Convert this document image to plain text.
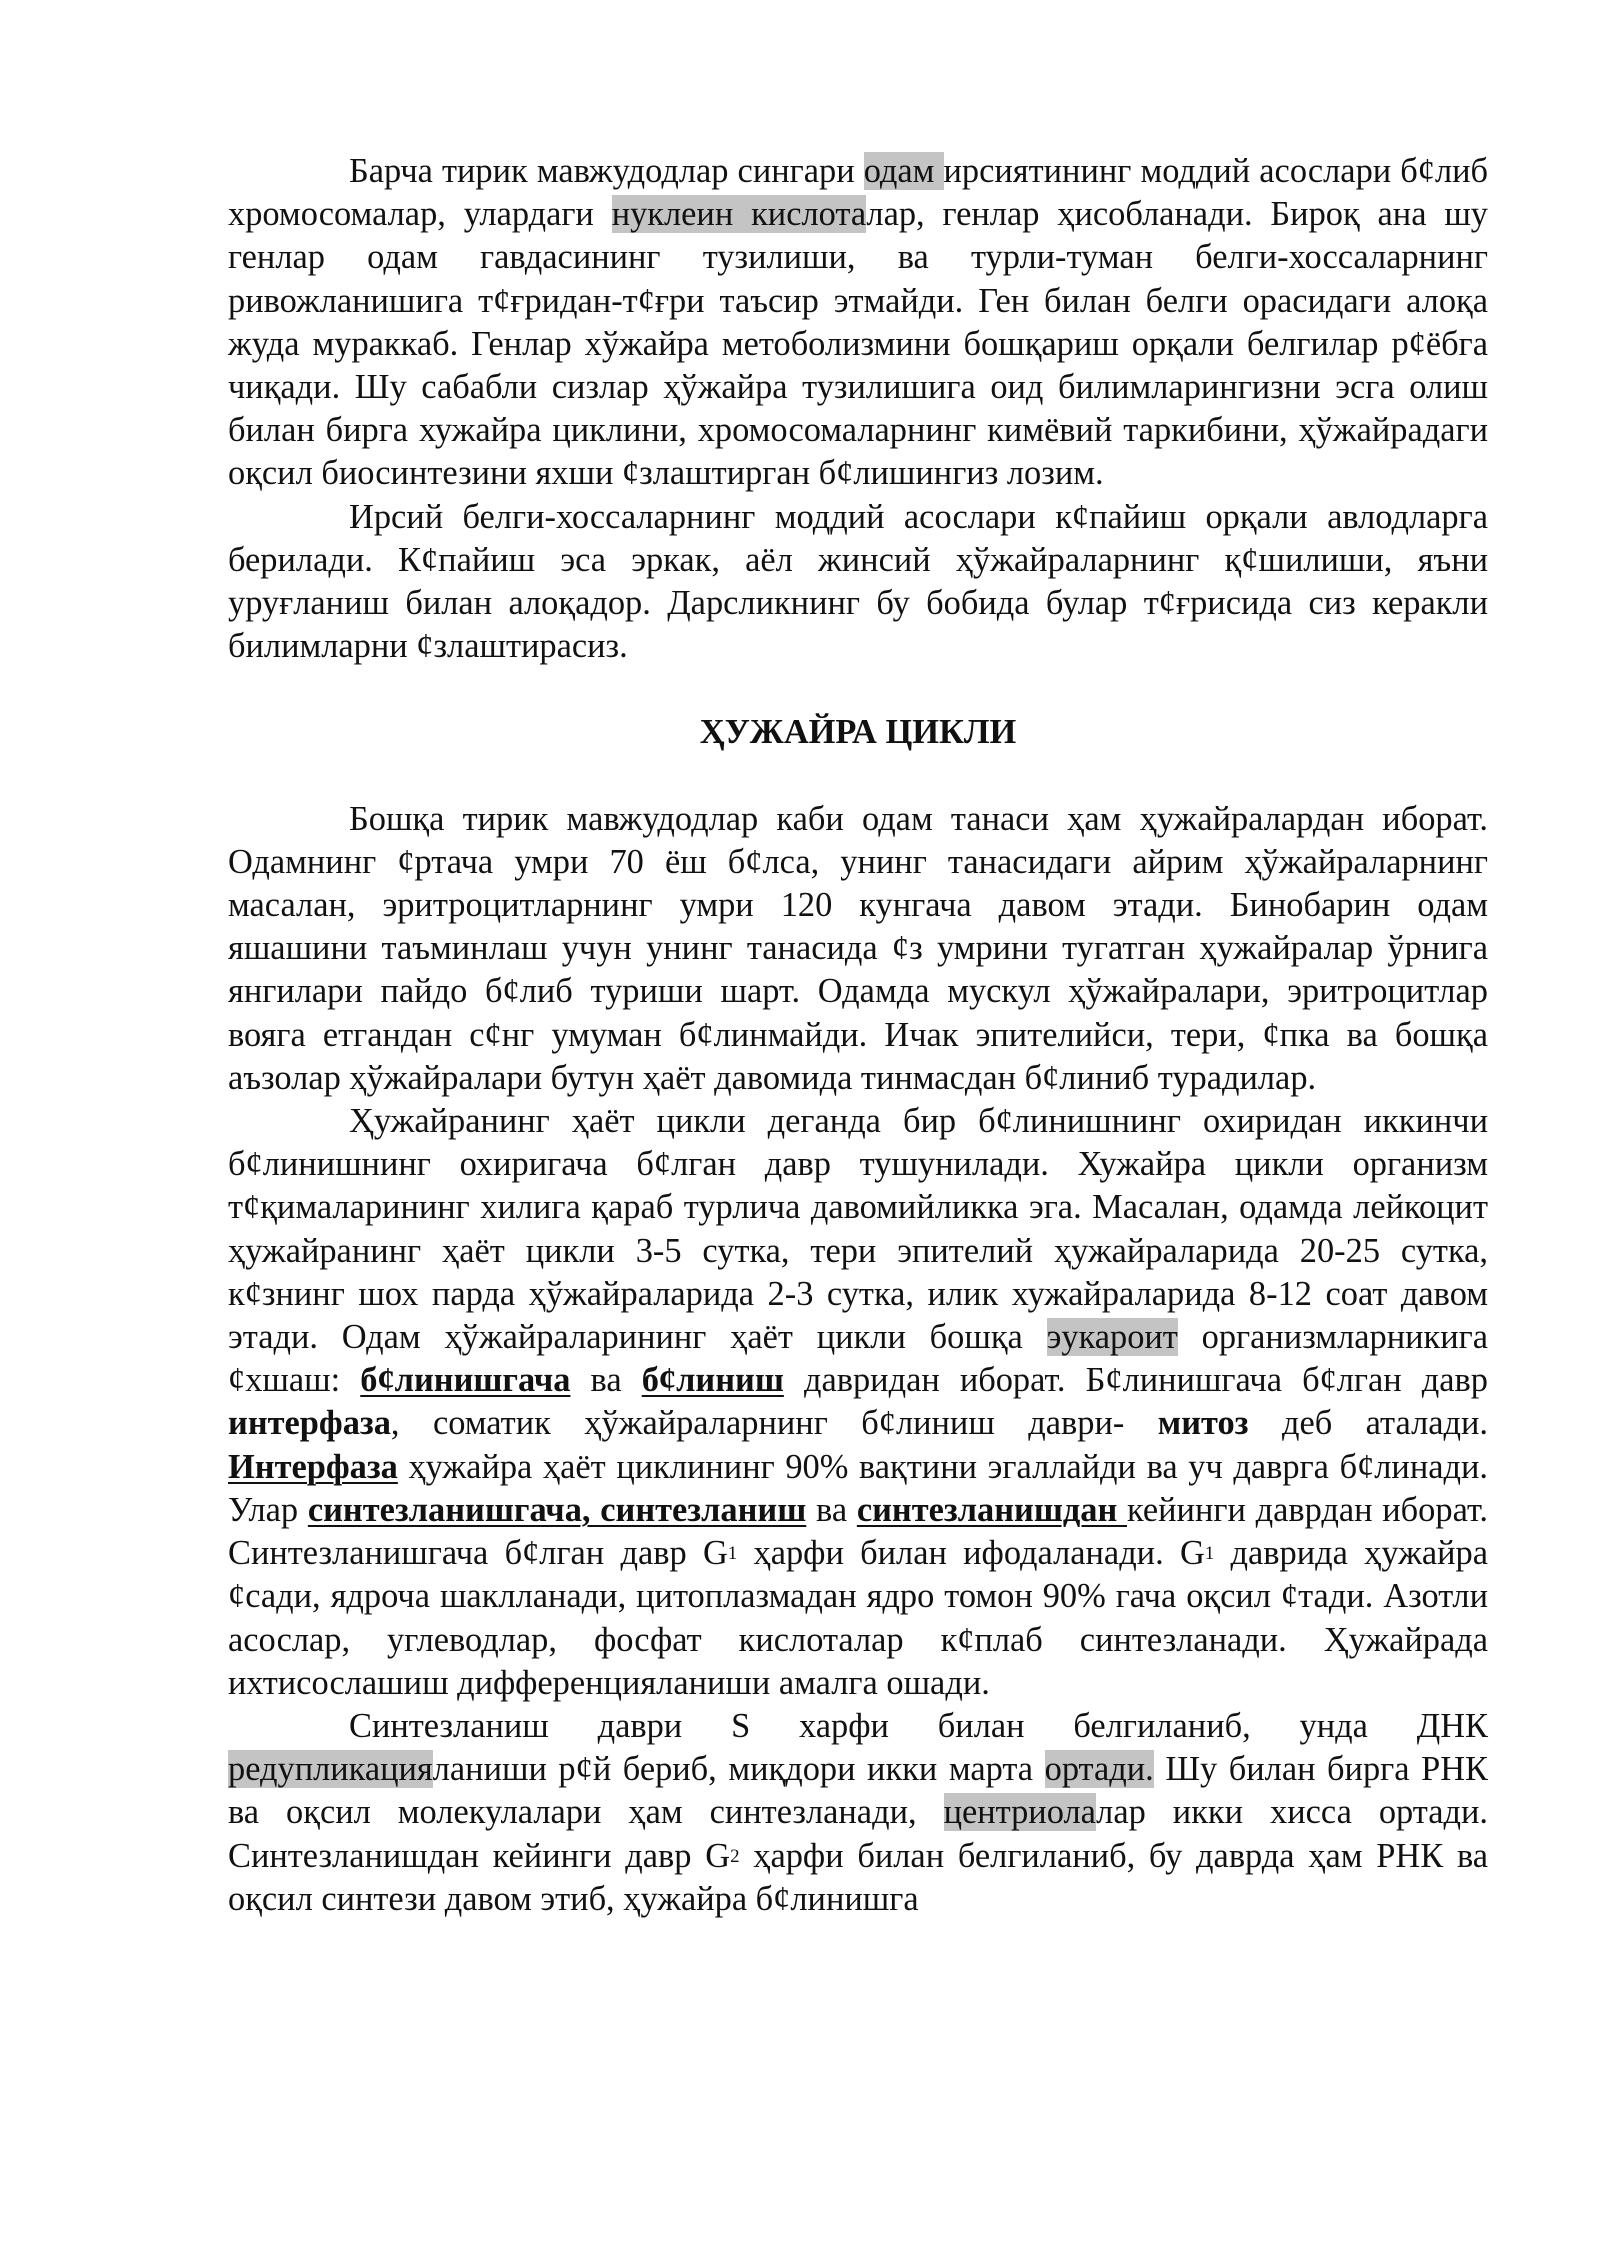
Барча тирик мавжудодлар сингари одам ирсиятининг моддий асослари б¢либ хромосомалар, улардаги нуклеин кислоталар, генлар ҳисобланади. Бироқ ана шу генлар одам гавдасининг тузилиши, ва турли-туман белги-хоссаларнинг ривожланишига т¢ғридан-т¢ғри таъсир этмайди. Ген билан белги орасидаги алоқа жуда мураккаб. Генлар хўжайра метоболизмини бошқариш орқали белгилар р¢ёбга чиқади. Шу сабабли сизлар ҳўжайра тузилишига оид билимларингизни эсга олиш билан бирга хужайра циклини, хромосомаларнинг кимёвий таркибини, ҳўжайрадаги оқсил биосинтезини яхши ¢злаштирган б¢лишингиз лозим.

Ирсий белги-хоссаларнинг моддий асослари к¢пайиш орқали авлодларга берилади. К¢пайиш эса эркак, аёл жинсий ҳўжайраларнинг қ¢шилиши, яъни уруғланиш билан алоқадор. Дарсликнинг бу бобида булар т¢ғрисида сиз керакли билимларни ¢злаштирасиз.

ҲУЖАЙРА ЦИКЛИ

Бошқа тирик мавжудодлар каби одам танаси ҳам ҳужайралардан иборат. Одамнинг ¢ртача умри 70 ёш б¢лса, унинг танасидаги айрим ҳўжайраларнинг масалан, эритроцитларнинг умри 120 кунгача давом этади. Бинобарин одам яшашини таъминлаш учун унинг танасида ¢з умрини тугатган ҳужайралар ўрнига янгилари пайдо б¢либ туриши шарт. Одамда мускул ҳўжайралари, эритроцитлар вояга етгандан с¢нг умуман б¢линмайди. Ичак эпителийси, тери, ¢пка ва бошқа аъзолар ҳўжайралари бутун ҳаёт давомида тинмасдан б¢линиб турадилар.

Ҳужайранинг ҳаёт цикли деганда бир б¢линишнинг охиридан иккинчи б¢линишнинг охиригача б¢лган давр тушунилади. Хужайра цикли организм т¢қималарининг хилига қараб турлича давомийликка эга. Масалан, одамда лейкоцит ҳужайранинг ҳаёт цикли 3-5 сутка, тери эпителий ҳужайраларида 20-25 сутка, к¢знинг шох парда ҳўжайраларида 2-3 сутка, илик хужайраларида 8-12 соат давом этади. Одам ҳўжайраларининг ҳаёт цикли бошқа эукароит организмларникига ¢хшаш: б¢линишгача ва б¢линиш давридан иборат. Б¢линишгача б¢лган давр интерфаза, соматик ҳўжайраларнинг б¢линиш даври- митоз деб аталади. Интерфаза ҳужайра ҳаёт циклининг 90% вақтини эгаллайди ва уч даврга б¢линади. Улар синтезланишгача, синтезланиш ва синтезланишдан кейинги даврдан иборат. Синтезланишгача б¢лган давр $G^1$ ҳарфи билан ифодаланади. $G^1$ даврида ҳужайра ¢сади, ядроча шаклланади, цитоплазмадан ядро томон 90% гача оқсил ¢тади. Азотли асослар, углеводлар, фосфат кислоталар к¢плаб синтезланади. Ҳужайрада ихтисослашиш дифференцияланиши амалга ошади.

Синтезланиш даври S харфи билан белгиланиб, унда ДНК редупликацияланиши р¢й бериб, миқдори икки марта ортади. Шу билан бирга РНК ва оқсил молекулалари ҳам синтезланади, центриолалар икки хисса ортади. Синтезланишдан кейинги давр $G^2$ ҳарфи билан белгиланиб, бу даврда ҳам РНК ва оқсил синтези давом этиб, ҳужайра б¢линишга
